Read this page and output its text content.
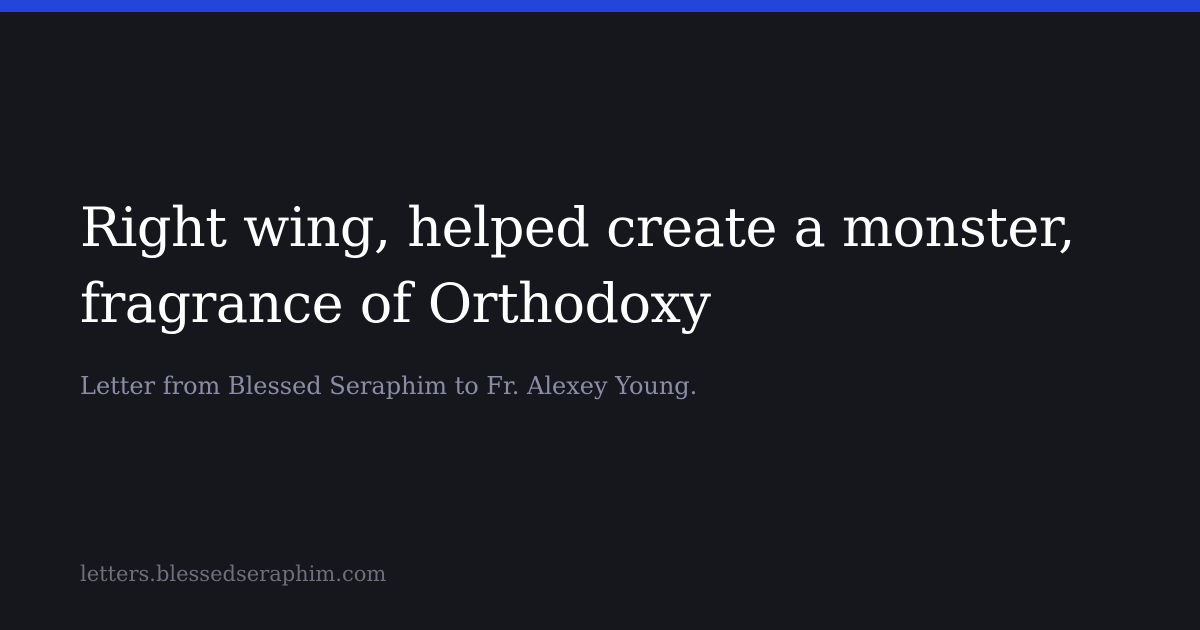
Right wing, helped create a monster,
fragrance of Orthodoxy

Letter from Blessed Seraphim to Fr. Alexey Young.

letters.blessedseraphim.com
